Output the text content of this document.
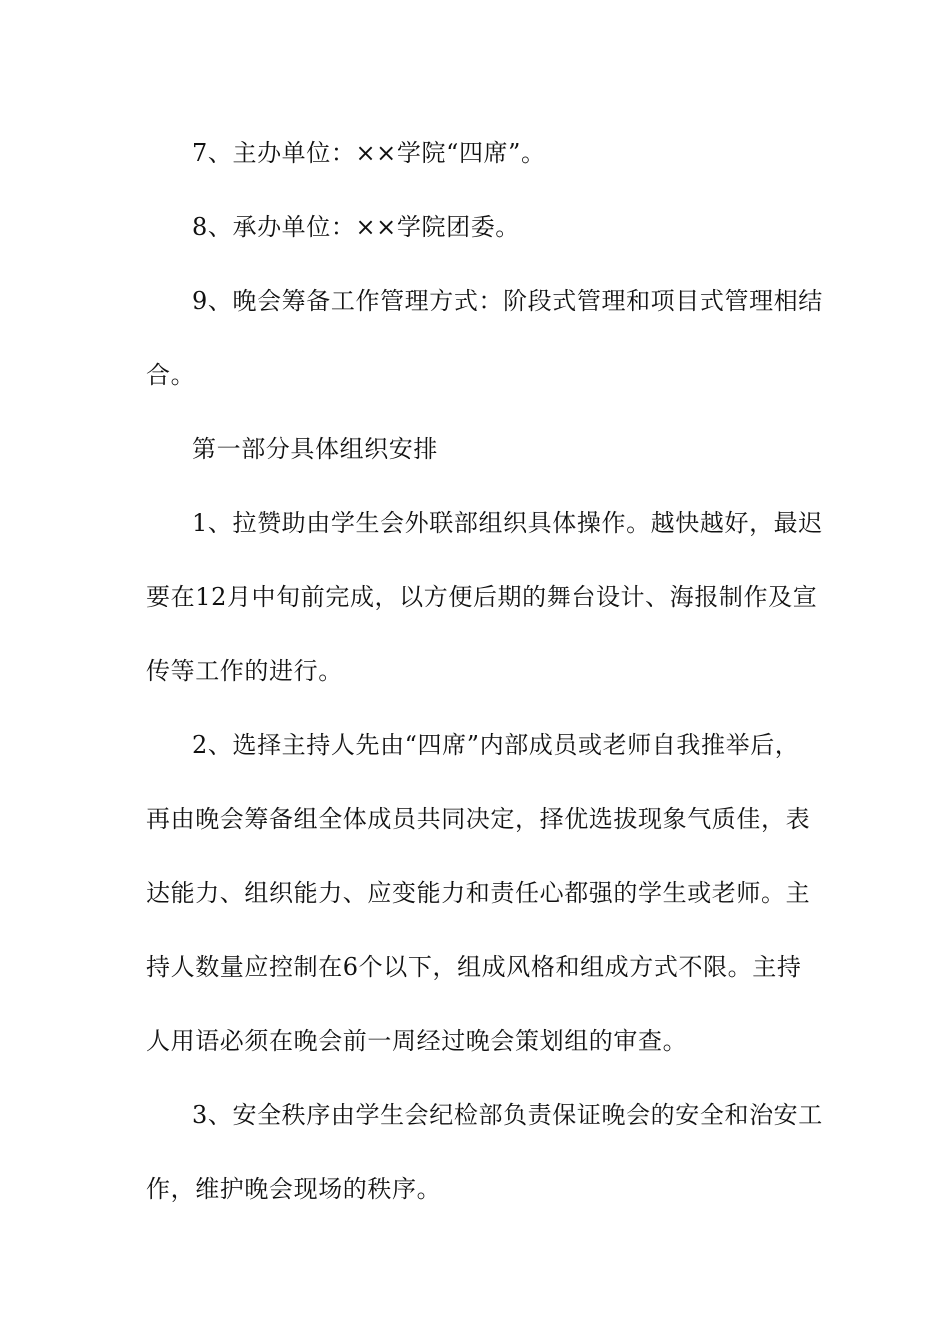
7、主办单位：××学院“四席”。
8、承办单位：××学院团委。
9、晚会筹备工作管理方式：阶段式管理和项目式管理相结
合。
第一部分具体组织安排
1、拉赞助由学生会外联部组织具体操作。越快越好，最迟
要在12月中旬前完成，以方便后期的舞台设计、海报制作及宣
传等工作的进行。
2、选择主持人先由“四席”内部成员或老师自我推举后，
再由晚会筹备组全体成员共同决定，择优选拔现象气质佳，表
达能力、组织能力、应变能力和责任心都强的学生或老师。主
持人数量应控制在6个以下，组成风格和组成方式不限。主持
人用语必须在晚会前一周经过晚会策划组的审查。
3、安全秩序由学生会纪检部负责保证晚会的安全和治安工
作，维护晚会现场的秩序。
